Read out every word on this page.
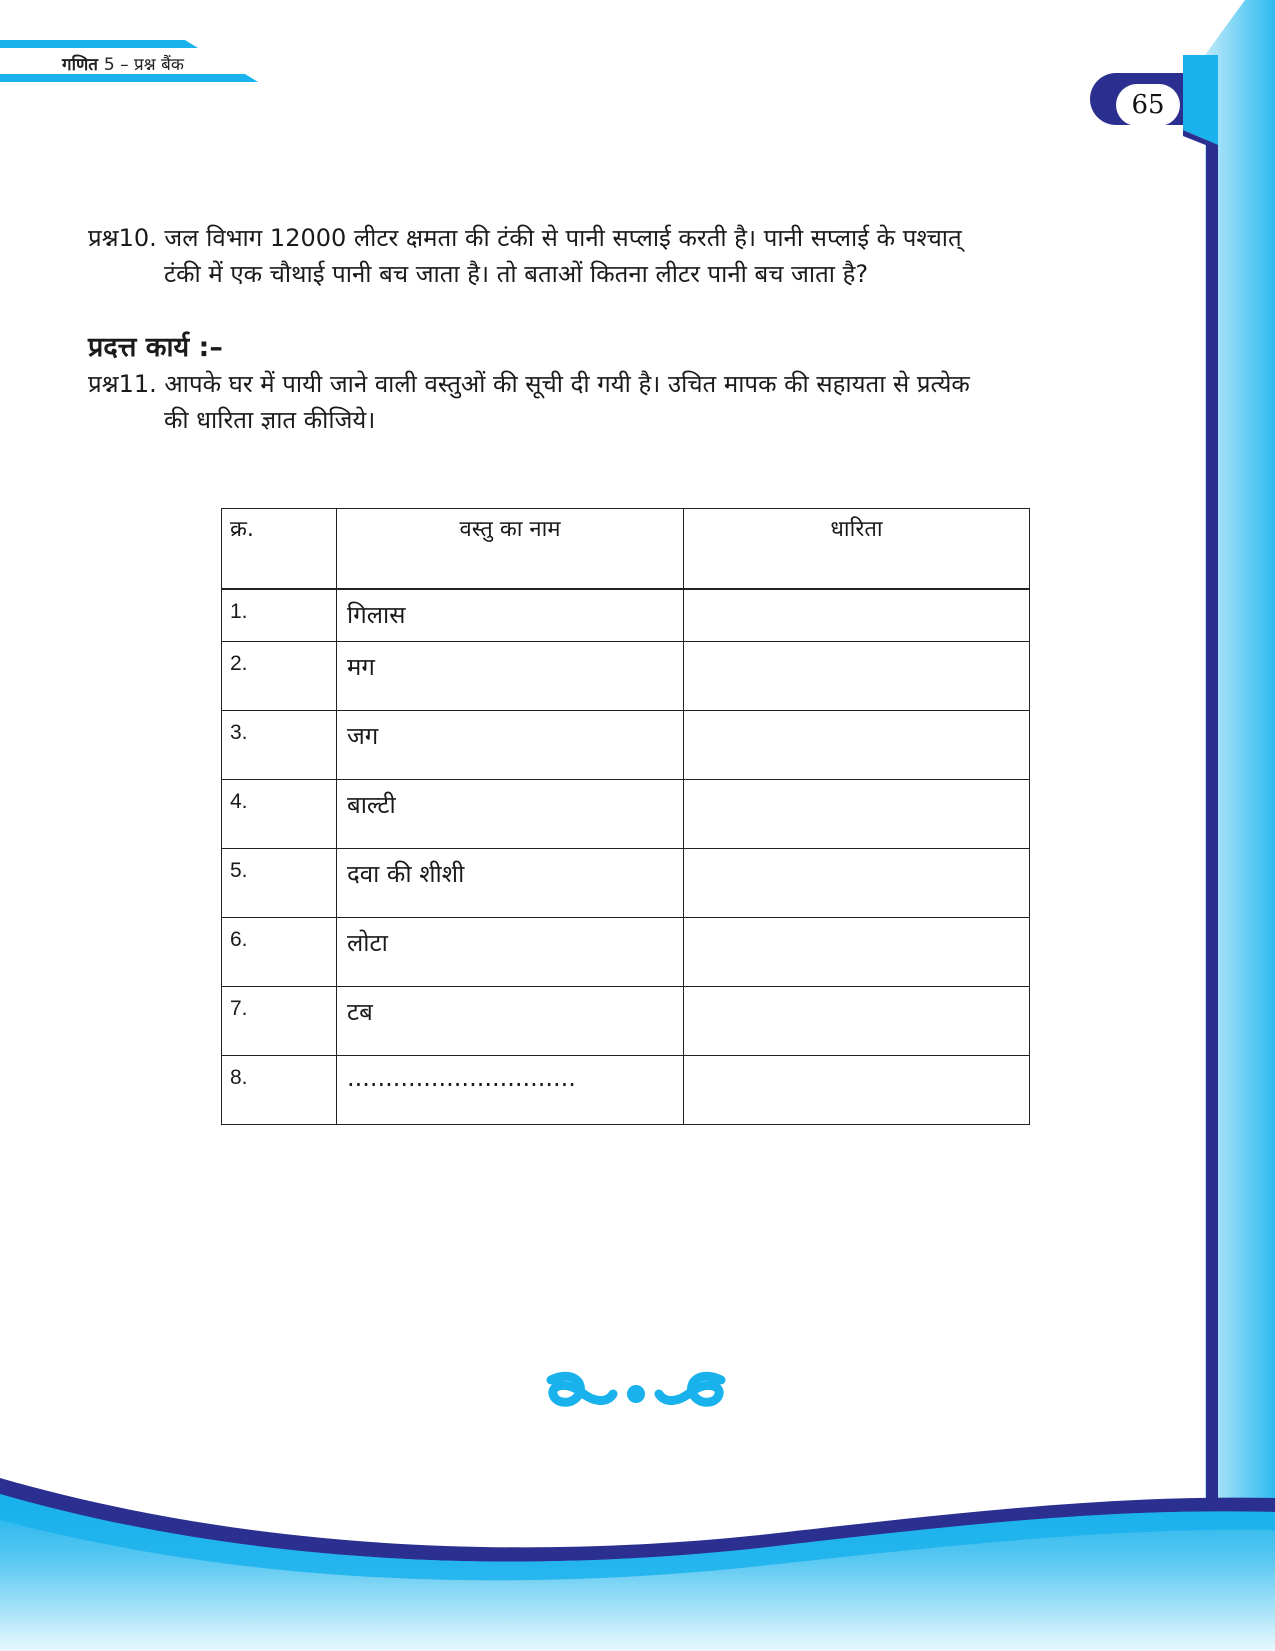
गणित 5 – प्रश्न बैंक
65
प्रश्न10. जल विभाग 12000 लीटर क्षमता की टंकी से पानी सप्लाई करती है। पानी सप्लाई के पश्चात्
टंकी में एक चौथाई पानी बच जाता है। तो बताओं कितना लीटर पानी बच जाता है?
प्रदत्त कार्य :–
प्रश्न11. आपके घर में पायी जाने वाली वस्तुओं की सूची दी गयी है। उचित मापक की सहायता से प्रत्येक
की धारिता ज्ञात कीजिये।
क्र.	वस्तु का नाम	धारिता
1.	गिलास	
2.	मग	
3.	जग	
4.	बाल्टी	
5.	दवा की शीशी	
6.	लोटा	
7.	टब	
8.	..............................	
